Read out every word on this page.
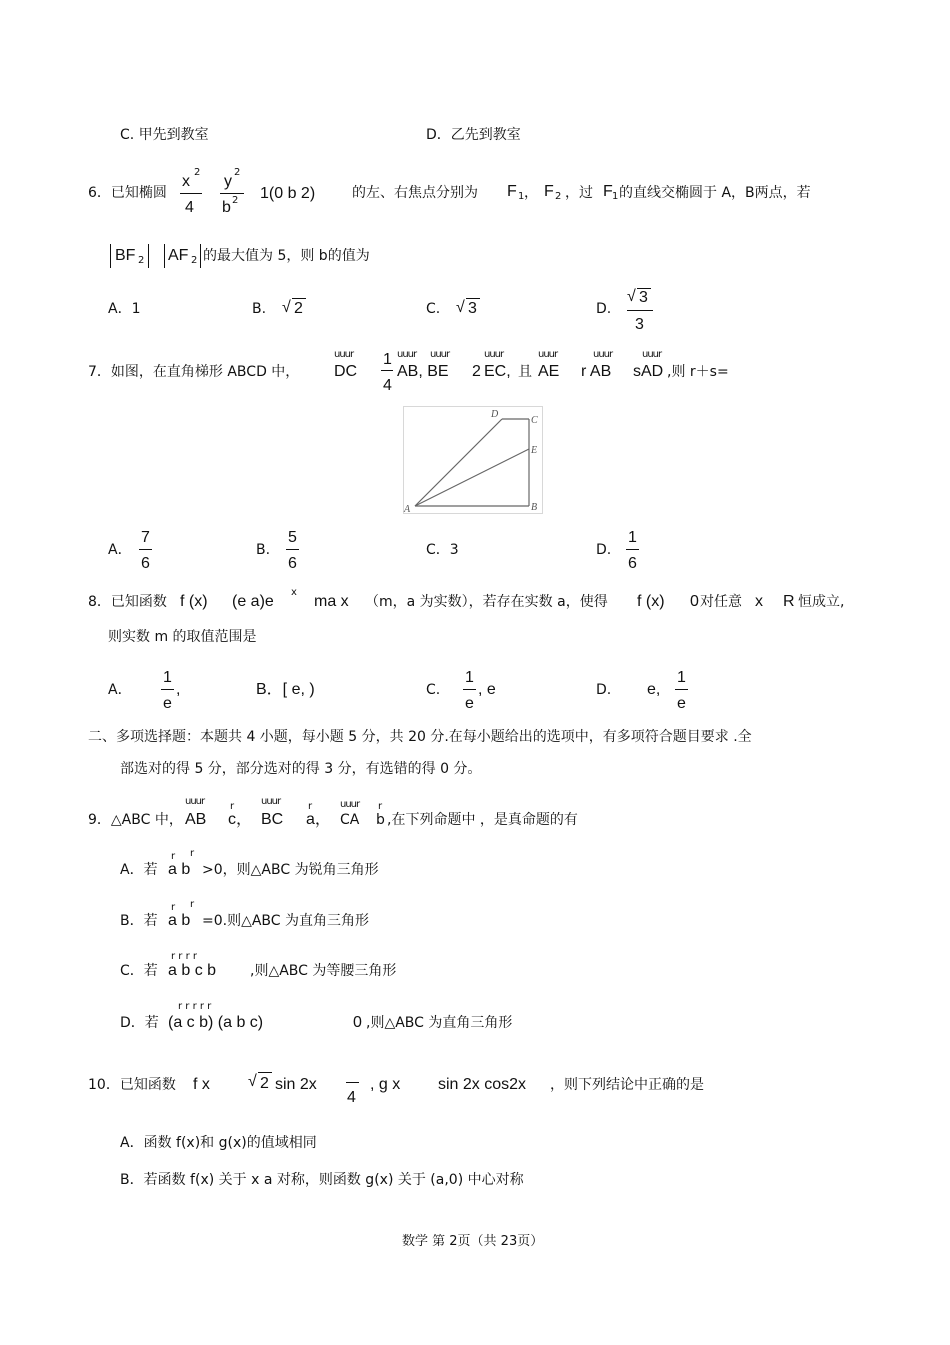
C. 甲先到教室	D．乙先到教室
6．已知椭圆
x
2
4
y
2
b 2 1(0 b 2)	的左、右焦点分别为 F 1 ， F 2 ，过 F 1 的直线交椭圆于 A，B两点，若
BF 2 AF 2 的最大值为 5，则 b的值为
A．1	B. √ 2	C. √ 3	D.
√ 3
3
7．如图，在直角梯形 ABCD 中，
uuur
DC
1
4
uuur uuur
AB, BE 2
uuur
EC, 且
uuur
AE
uuur
r AB
uuur
sAD ,则 r＋s=
A	B
C
D
E
A．
7
6
B.
5
6
C．3	D.
1
6
8．已知函数 f (x) (e a)e
x
ma x （m，a 为实数），若存在实数 a，使得 f (x) 0 对任意 x R 恒成立,
则实数 m 的取值范围是
A．
1
e
,	B．[ e, )	C.
1
e
, e	D. e,
1
e
二、多项选择题：本题共 4 小题，每小题 5 分，共 20 分.在每小题给出的选项中，有多项符合题目要求 .全
部选对的得 5 分，部分选对的得 3 分，有选错的得 0 分。
9．△ABC 中，
uuur
AB
r
c，
uuur
BC
r
a，
uuur
CA
r
b ,在下列命题中 ，是真命题的有
A．若
r r
a b >0，则△ABC 为锐角三角形
B．若
r r
a b =0.则△ABC 为直角三角形
C．若
r r r r
a b c b ,则△ABC 为等腰三角形
D．若
r r r r r
(a c b) (a b c)	0 ,则△ABC 为直角三角形
10．已知函数 f x √ 2 sin 2x
4
, g x sin 2x cos2x ，则下列结论中正确的是
A．函数 f(x)和 g(x)的值域相同
B．若函数 f(x) 关于 x a 对称，则函数 g(x) 关于 (a,0) 中心对称
数学 第 2页（共 23页）
